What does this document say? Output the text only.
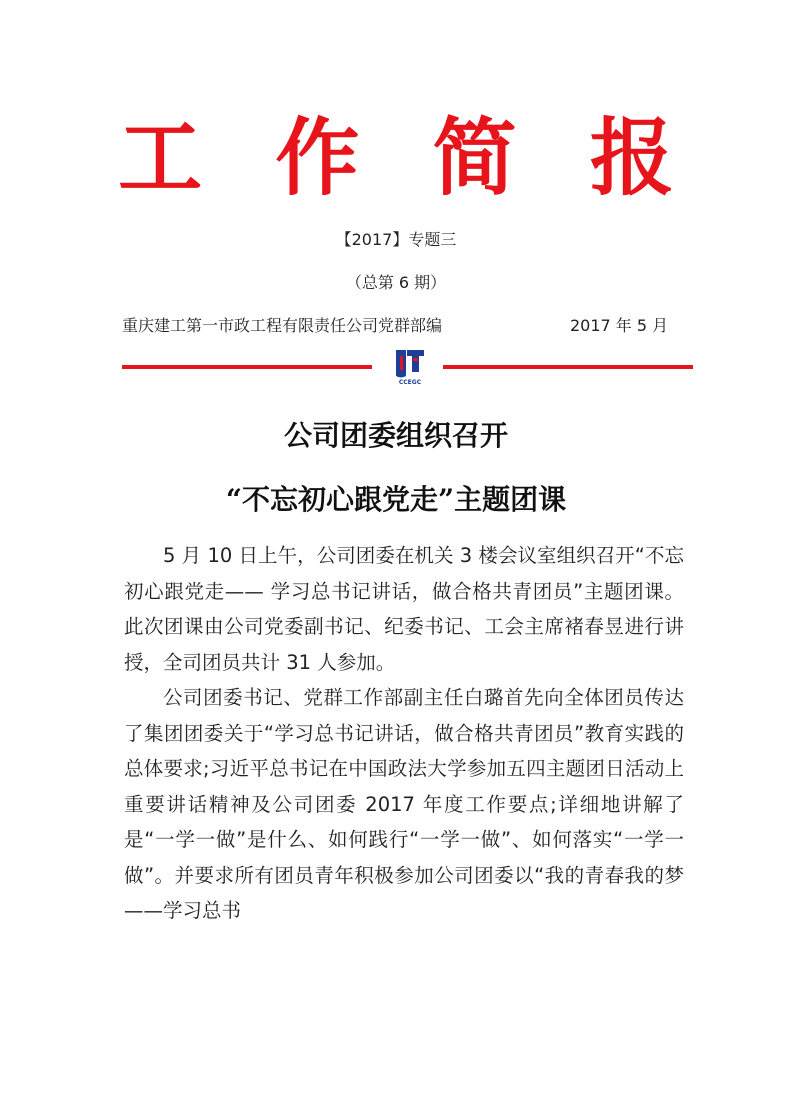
工 作 简 报
【2017】专题三
（总第 6 期）
重庆建工第一市政工程有限责任公司党群部编	2017 年 5 月
CCEGC
公司团委组织召开
“不忘初心跟党走”主题团课

5 月 10 日上午，公司团委在机关 3 楼会议室组织召开“不忘初心跟党走—— 学习总书记讲话，做合格共青团员”主题团课。此次团课由公司党委副书记、纪委书记、工会主席褚春昱进行讲授，全司团员共计 31 人参加。

公司团委书记、党群工作部副主任白璐首先向全体团员传达了集团团委关于“学习总书记讲话，做合格共青团员”教育实践的总体要求;习近平总书记在中国政法大学参加五四主题团日活动上重要讲话精神及公司团委 2017 年度工作要点;详细地讲解了是“一学一做”是什么、如何践行“一学一做”、如何落实“一学一做”。并要求所有团员青年积极参加公司团委以“我的青春我的梦——学习总书
